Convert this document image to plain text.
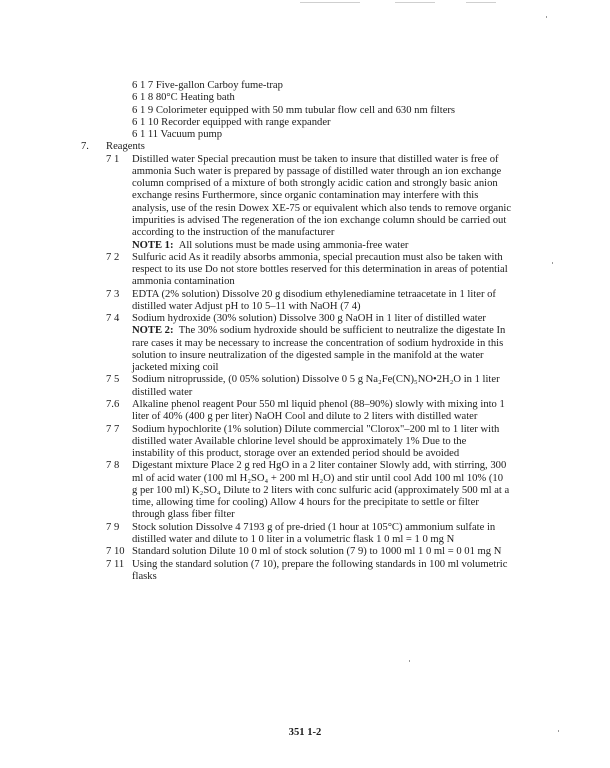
6 1 7 Five-gallon Carboy fume-trap
6 1 8 80°C Heating bath
6 1 9 Colorimeter equipped with 50 mm tubular flow cell and 630 nm filters
6 1 10 Recorder equipped with range expander
6 1 11 Vacuum pump
7. Reagents
7 1 Distilled water Special precaution must be taken to insure that distilled water is free of
ammonia Such water is prepared by passage of distilled water through an ion exchange
column comprised of a mixture of both strongly acidic cation and strongly basic anion
exchange resins Furthermore, since organic contamination may interfere with this
analysis, use of the resin Dowex XE-75 or equivalent which also tends to remove organic
impurities is advised The regeneration of the ion exchange column should be carried out
according to the instruction of the manufacturer
NOTE 1: All solutions must be made using ammonia-free water
7 2 Sulfuric acid As it readily absorbs ammonia, special precaution must also be taken with
respect to its use Do not store bottles reserved for this determination in areas of potential
ammonia contamination
7 3 EDTA (2% solution) Dissolve 20 g disodium ethylenediamine tetraacetate in 1 liter of
distilled water Adjust pH to 10 5–11 with NaOH (7 4)
7 4 Sodium hydroxide (30% solution) Dissolve 300 g NaOH in 1 liter of distilled water
NOTE 2: The 30% sodium hydroxide should be sufficient to neutralize the digestate In
rare cases it may be necessary to increase the concentration of sodium hydroxide in this
solution to insure neutralization of the digested sample in the manifold at the water
jacketed mixing coil
7 5 Sodium nitroprusside, (0 05% solution) Dissolve 0 5 g Na₂Fe(CN)₅NO•2H₂O in 1 liter
distilled water
7.6 Alkaline phenol reagent Pour 550 ml liquid phenol (88–90%) slowly with mixing into 1
liter of 40% (400 g per liter) NaOH Cool and dilute to 2 liters with distilled water
7 7 Sodium hypochlorite (1% solution) Dilute commercial "Clorox"–200 ml to 1 liter with
distilled water Available chlorine level should be approximately 1% Due to the
instability of this product, storage over an extended period should be avoided
7 8 Digestant mixture Place 2 g red HgO in a 2 liter container Slowly add, with stirring, 300
ml of acid water (100 ml H₂SO₄ + 200 ml H₂O) and stir until cool Add 100 ml 10% (10
g per 100 ml) K₂SO₄ Dilute to 2 liters with conc sulfuric acid (approximately 500 ml at a
time, allowing time for cooling) Allow 4 hours for the precipitate to settle or filter
through glass fiber filter
7 9 Stock solution Dissolve 4 7193 g of pre-dried (1 hour at 105°C) ammonium sulfate in
distilled water and dilute to 1 0 liter in a volumetric flask 1 0 ml = 1 0 mg N
7 10 Standard solution Dilute 10 0 ml of stock solution (7 9) to 1000 ml 1 0 ml = 0 01 mg N
7 11 Using the standard solution (7 10), prepare the following standards in 100 ml volumetric
flasks
351 1-2
